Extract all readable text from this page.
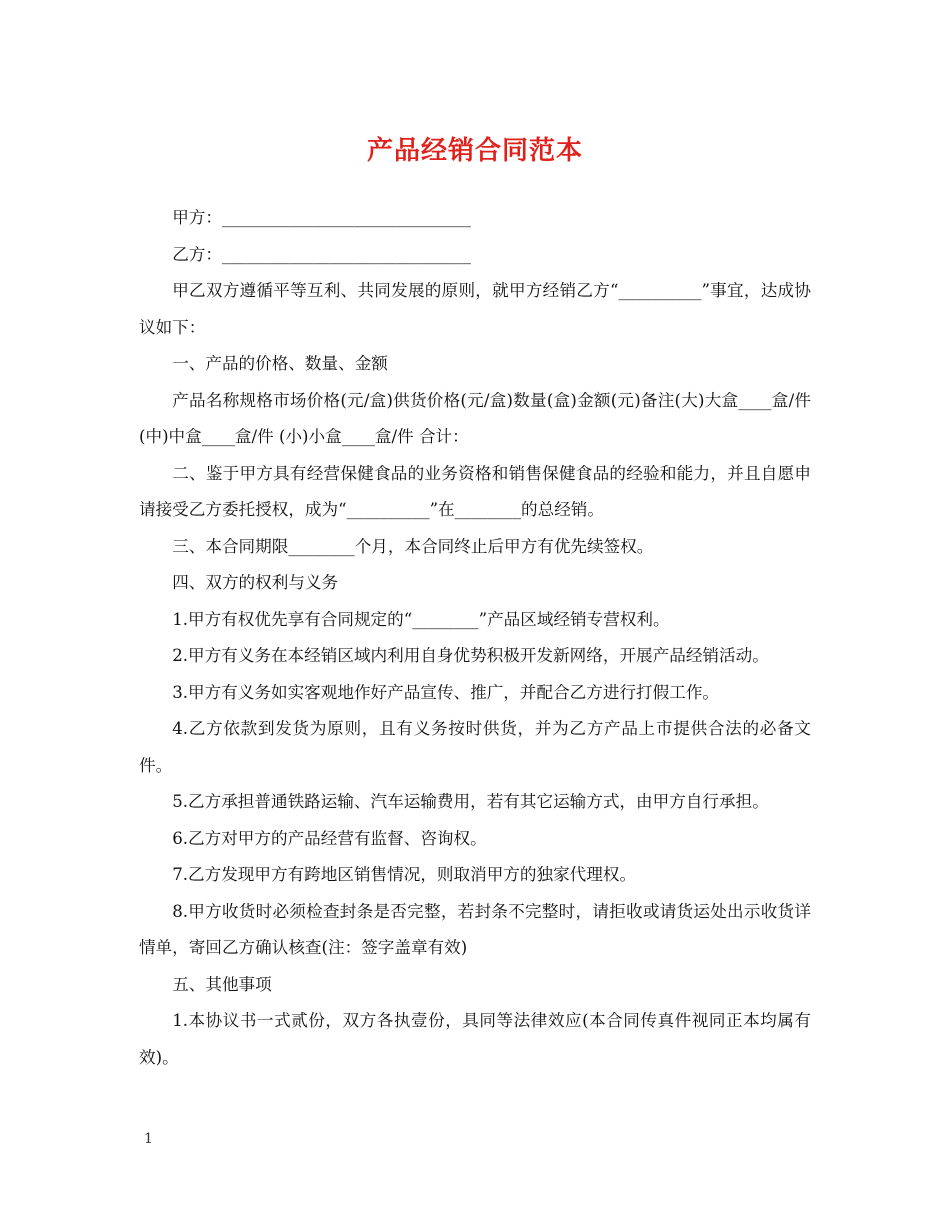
产品经销合同范本

甲方：______________________________

乙方：______________________________

甲乙双方遵循平等互利、共同发展的原则，就甲方经销乙方“__________”事宜，达成协议如下：

一、产品的价格、数量、金额

产品名称规格市场价格(元/盒)供货价格(元/盒)数量(盒)金额(元)备注(大)大盒____盒/件 (中)中盒____盒/件 (小)小盒____盒/件 合计：

二、鉴于甲方具有经营保健食品的业务资格和销售保健食品的经验和能力，并且自愿申请接受乙方委托授权，成为“__________”在________的总经销。

三、本合同期限________个月，本合同终止后甲方有优先续签权。

四、双方的权利与义务

1.甲方有权优先享有合同规定的“________”产品区域经销专营权利。

2.甲方有义务在本经销区域内利用自身优势积极开发新网络，开展产品经销活动。

3.甲方有义务如实客观地作好产品宣传、推广，并配合乙方进行打假工作。

4.乙方依款到发货为原则，且有义务按时供货，并为乙方产品上市提供合法的必备文件。

5.乙方承担普通铁路运输、汽车运输费用，若有其它运输方式，由甲方自行承担。

6.乙方对甲方的产品经营有监督、咨询权。

7.乙方发现甲方有跨地区销售情况，则取消甲方的独家代理权。

8.甲方收货时必须检查封条是否完整，若封条不完整时，请拒收或请货运处出示收货详情单，寄回乙方确认核查(注：签字盖章有效)

五、其他事项

1.本协议书一式贰份，双方各执壹份，具同等法律效应(本合同传真件视同正本均属有效)。

1
